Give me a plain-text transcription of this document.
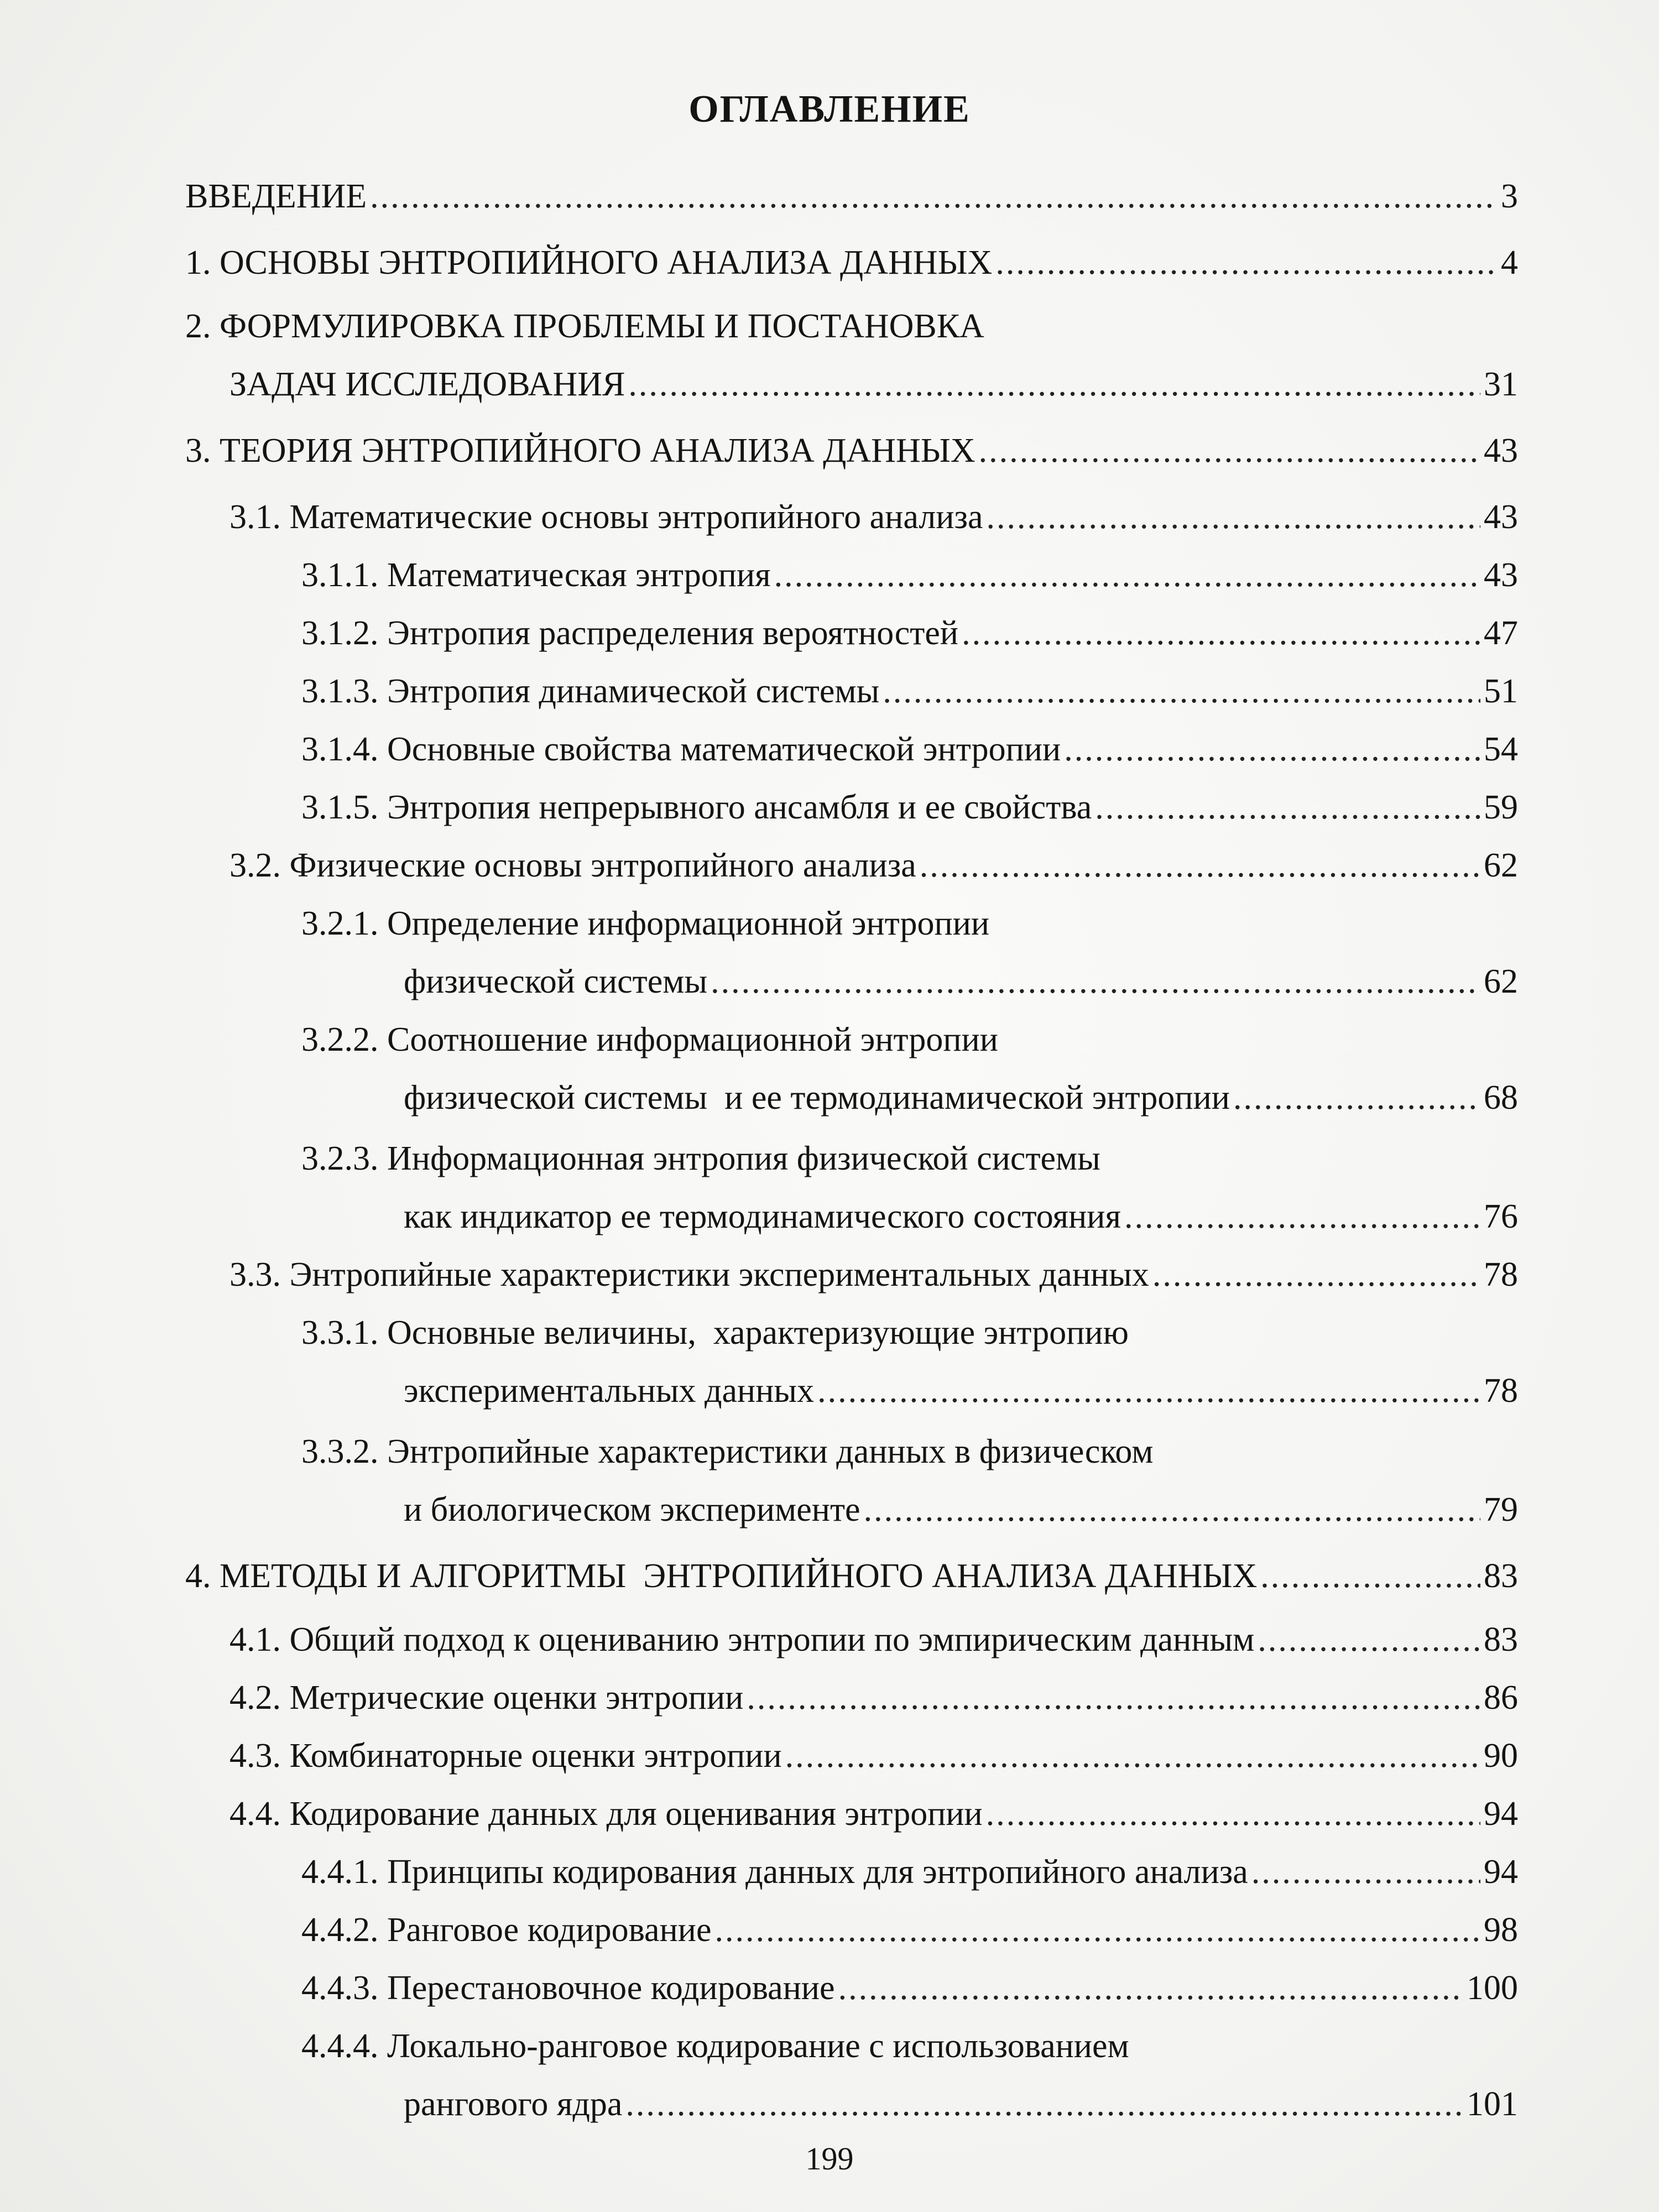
ОГЛАВЛЕНИЕ
ВВЕДЕНИЕ .....	3
1. ОСНОВЫ ЭНТРОПИЙНОГО АНАЛИЗА ДАННЫХ .....	4
2. ФОРМУЛИРОВКА ПРОБЛЕМЫ И ПОСТАНОВКА
ЗАДАЧ ИССЛЕДОВАНИЯ .....	31
3. ТЕОРИЯ ЭНТРОПИЙНОГО АНАЛИЗА ДАННЫХ .....	43
3.1. Математические основы энтропийного анализа .....	43
3.1.1. Математическая энтропия .....	43
3.1.2. Энтропия распределения вероятностей .....	47
3.1.3. Энтропия динамической системы .....	51
3.1.4. Основные свойства математической энтропии .....	54
3.1.5. Энтропия непрерывного ансамбля и ее свойства .....	59
3.2. Физические основы энтропийного анализа .....	62
3.2.1. Определение информационной энтропии
физической системы .....	62
3.2.2. Соотношение информационной энтропии
физической системы  и ее термодинамической энтропии .....	68
3.2.3. Информационная энтропия физической системы
как индикатор ее термодинамического состояния .....	76
3.3. Энтропийные характеристики экспериментальных данных .....	78
3.3.1. Основные величины,  характеризующие энтропию
экспериментальных данных .....	78
3.3.2. Энтропийные характеристики данных в физическом
и биологическом эксперименте .....	79
4. МЕТОДЫ И АЛГОРИТМЫ  ЭНТРОПИЙНОГО АНАЛИЗА ДАННЫХ .....	83
4.1. Общий подход к оцениванию энтропии по эмпирическим данным .....	83
4.2. Метрические оценки энтропии .....	86
4.3. Комбинаторные оценки энтропии .....	90
4.4. Кодирование данных для оценивания энтропии .....	94
4.4.1. Принципы кодирования данных для энтропийного анализа .....	94
4.4.2. Ранговое кодирование .....	98
4.4.3. Перестановочное кодирование .....	100
4.4.4. Локально-ранговое кодирование с использованием
рангового ядра .....	101
199
